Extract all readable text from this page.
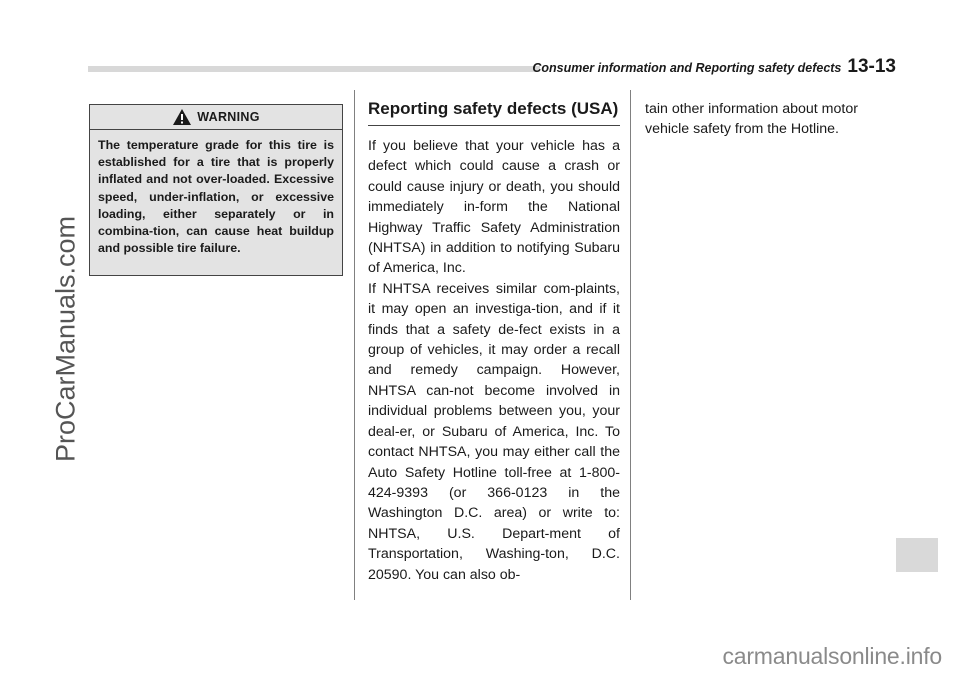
Consumer information and Reporting safety defects 13-13
ProCarManuals.com
WARNING
The temperature grade for this tire is established for a tire that is properly inflated and not over-loaded. Excessive speed, under-inflation, or excessive loading, either separately or in combina-tion, can cause heat buildup and possible tire failure.
Reporting safety defects (USA)

If you believe that your vehicle has a defect which could cause a crash or could cause injury or death, you should immediately in-form the National Highway Traffic Safety Administration (NHTSA) in addition to notifying Subaru of America, Inc.

If NHTSA receives similar com-plaints, it may open an investiga-tion, and if it finds that a safety de-fect exists in a group of vehicles, it may order a recall and remedy campaign. However, NHTSA can-not become involved in individual problems between you, your deal-er, or Subaru of America, Inc. To contact NHTSA, you may either call the Auto Safety Hotline toll-free at 1-800-424-9393 (or 366-0123 in the Washington D.C. area) or write to: NHTSA, U.S. Depart-ment of Transportation, Washing-ton, D.C. 20590. You can also ob-

tain other information about motor vehicle safety from the Hotline.

carmanualsonline.info
